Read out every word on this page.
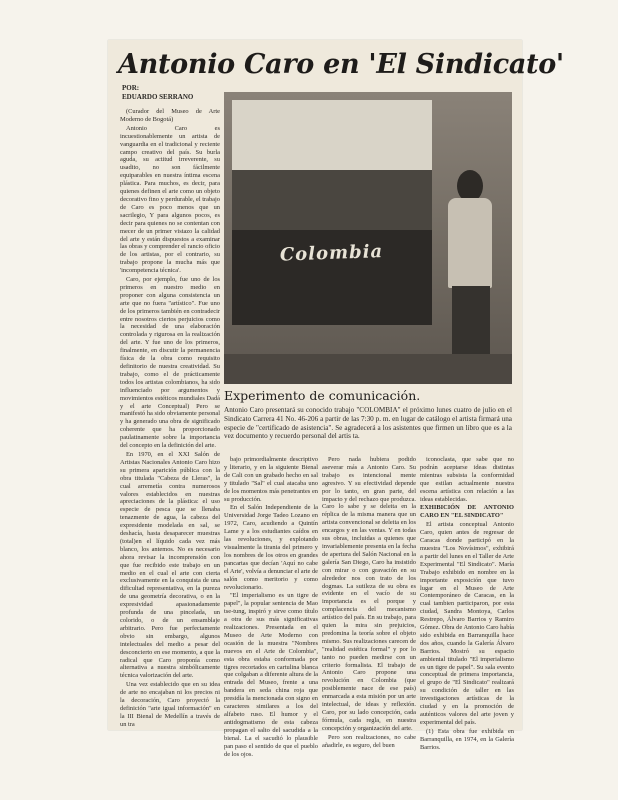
Antonio Caro en 'El Sindicato'
POR:
EDUARDO SERRANO

(Curador del Museo de Arte Moderno de Bogotá)

Antonio Caro es incuestionablemente un artista de vanguardia en el tradicional y reciente campo creativo del país. Su burla aguda, su actitud irreverente, su usadito, no son fácilmente equiparables en nuestra íntima escena plástica. Para muchos, es decir, para quienes definen el arte como un objeto decorativo fino y perdurable, el trabajo de Caro es poco menos que un sacrilegio, Y para algunos pocos, es decir para quienes no se contentan con mecer de un primer vistazo la calidad del arte y están dispuestos a examinar las obras y comprender el rancio oficio de los artistas, por el contrario, su trabajo propone la mucha más que 'incompetencia técnica'.

Caro, por ejemplo, fue uno de los primeros en nuestro medio en proponer con alguna consistencia un arte que no fuera "artístico". Fue uno de los primeros también en contradecir entre nosotros ciertos perjuicios como la necesidad de una elaboración controlada y rigurosa en la realización del arte. Y fue uno de los primeros, finalmente, en discutir la permanencia física de la obra como requisito definitorio de nuestra creatividad. Su trabajo, como el de prácticamente todos los artistas colombianos, ha sido influenciado por argumentos y movimientos estéticos mundiales Dadá y el arte Conceptual) Pero se manifestó ha sido obviamente personal y ha generado una obra de significado coherente que ha proporcionado paulatinamente sobre la importancia del concepto en la definición del arte.

En 1970, en el XXI Salón de Artistas Nacionales Antonio Caro hizo su primera aparición pública con la obra titulada "Cabeza de Lleras", la cual arremetía contra numerosos valores establecidos en nuestras apreciaciones de la plástica: el uso especie de pesca que se llenaba tenazmente de agua, la cabeza del expresidente modelada en sal, se deshacía, hasta desaparecer muestras (total)en el líquido cada vez más blanco, los antemos. No es necesario ahora revisar la incomprensión con que fue recibido este trabajo en un medio en el cual el arte con cierta exclusivamente en la conquista de una dificultad representativa, en la pureza de una geometría decorativa, o en la expresividad apasionadamente profunda de una pincelada, un colorido, o de un ensamblaje arbitrario. Pero fue perfectamente obvio sin embargo, algunos intelectuales del medio a pesar del desconcierto en ese momento, a que la radical que Caro proponía como alternativa a nuestra simbólicamente técnica valorización del arte.

Una vez establecido que en su idea de arte no encajaban ni los precios ni la decoración, Caro proyectó la definición "arte igual información" en la III Bienal de Medellín a través de un tra

Colombia
Experimento de comunicación.
Antonio Caro presentará su conocido trabajo "COLOMBIA" el próximo lunes cuatro de julio en el Sindicato Carrera 41 No. 46-206 a partir de las 7:30 p. m. en lugar de catálogo el artista firmará una especie de "certificado de asistencia". Se agradecerá a los asistentes que firmen un libro que es a la vez documento y recuerdo personal del artis ta.

bajo primordialmente descriptivo y literario, y en la siguiente Bienal de Cali con un grabado hecho en sal y titulado "Sal" el cual atacaba uno de los momentos más penetrantes en su producción.

En el Salón Independiente de la Universidad Jorge Tadeo Lozano en 1972, Caro, acudiendo a Quintín Lame y a los estudiantes caídos en las revoluciones, y explotando visualmente la tirania del primero y los nombres de los otros en grandes pancartas que decían 'Aquí no cabe el Arte', volvía a denunciar el arte de salón como meritorio y como revolucionario.

"El imperialismo es un tigre de papel", la popular sentencia de Mao tse-tung, inspiró y sirve como título a otra de sus más significativas realizaciones. Presentada en el Museo de Arte Moderno con ocasión de la muestra "Nombres nuevos en el Arte de Colombia", esta obra estaba conformada por tigres recortados en cartulina blanca que colgaban a diferente altura de la entrada del Museo, frente a una bandera en seda china roja que presidía la mencionada con signo en caracteres similares a los del alfabeto ruso. El humor y el antidogmatismo de esta cabeza propagan el salto del sacudida a la bienal. La el sacudió lo plausible pan paso el sentido de que el pueblo de los ojos.

Pero nada hubiera podido aseverar más a Antonio Caro. Su trabajo es intencional mente agresivo. Y su efectividad depende por lo tanto, en gran parte, del impacto y del rechazo que produzca. Caro lo sabe y se deleita en la réplica de la misma manera que un artista convencional se deleita en los encargos y en las ventas. Y en todas sus obras, incluidas a quienes que invariablemente presenta en la fecha de apertura del Salón Nacional en la galería San Diego, Caro ha insistido con mirar o con gravación en su alrededor nos con trato de los dogmas. La sutileza de su obra es evidente en el vacío de su importancia es el porque y complacencia del mecanismo artístico del país. En su trabajo, para quien la mira sin prejuicios, predomina la teoría sobre el objeto mismo. Sus realizaciones carecen de "realidad estética formal" y por lo tanto no pueden medirse con un criterio formalista. El trabajo de Antonio Caro propone una revolución en Colombia (que posiblemente nace de ese país) enmarcada a esta misión por un arte intelectual, de ideas y reflexión. Caro, por su lado concepción, cada fórmula, cada regla, en nuestra concepción y organización del arte.

Pero son realizaciones, no cabe añadirle, es seguro, del buen

iconoclasta, que sabe que no podrán aceptarse ideas distintas mientras subsista la conformidad que estilan actualmente nuestra escena artística con relación a las ideas establecidas.

EXHIBICIÓN DE ANTONIO CARO EN "EL SINDICATO"

El artista conceptual Antonio Caro, quien antes de regresar de Caracas donde participó en la muestra "Los Novísimos", exhibirá a partir del lunes en el Taller de Arte Experimental "El Sindicato". María Trabajo exhibido en nombre en la importante exposición que tuvo lugar en el Museo de Arte Contemporáneo de Caracas, en la cual tambien participaron, por esta ciudad, Sandra Montoya, Carlos Restrepo, Álvaro Barrios y Ramiro Gómez. Obra de Antonio Caro había sido exhibida en Barranquilla hace dos años, cuando la Galería Álvaro Barrios. Mostró su espacio ambiental titulado "El imperialismo es un tigre de papel". Su sala evento conceptual de primera importancia, el grupo de "El Sindicato" realizará su condición de taller en las investigaciones artísticas de la ciudad y en la promoción de auténticos valores del arte joven y experimental del país.

(1) Esta obra fue exhibida en Barranquilla, en 1974, en la Galería Barrios.
